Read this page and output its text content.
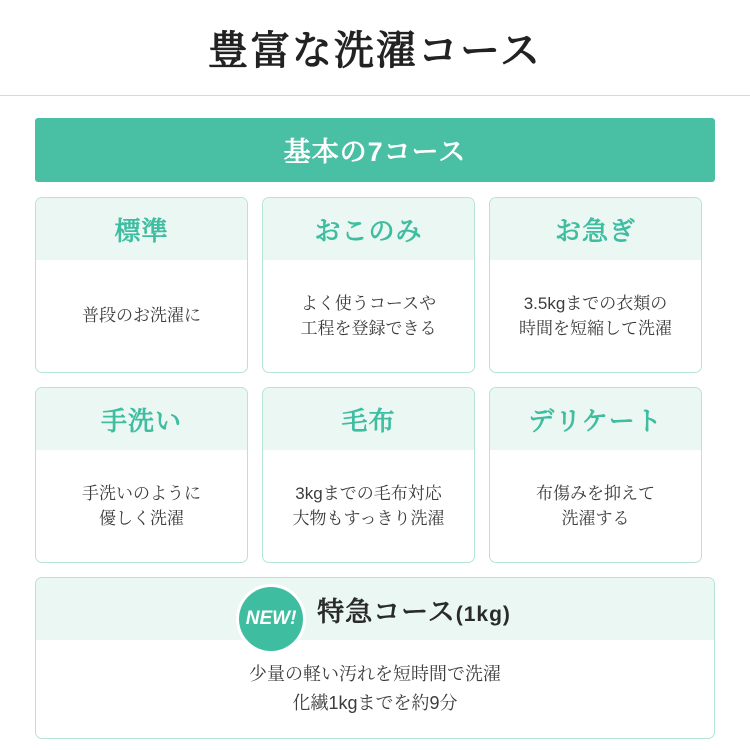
豊富な洗濯コース
基本の7コース
標準
普段のお洗濯に
おこのみ
よく使うコースや
工程を登録できる
お急ぎ
3.5kgまでの衣類の
時間を短縮して洗濯
手洗い
手洗いのように
優しく洗濯
毛布
3kgまでの毛布対応
大物もすっきり洗濯
デリケート
布傷みを抑えて
洗濯する
NEW! 特急コース(1kg)
少量の軽い汚れを短時間で洗濯
化繊1kgまでを約9分
